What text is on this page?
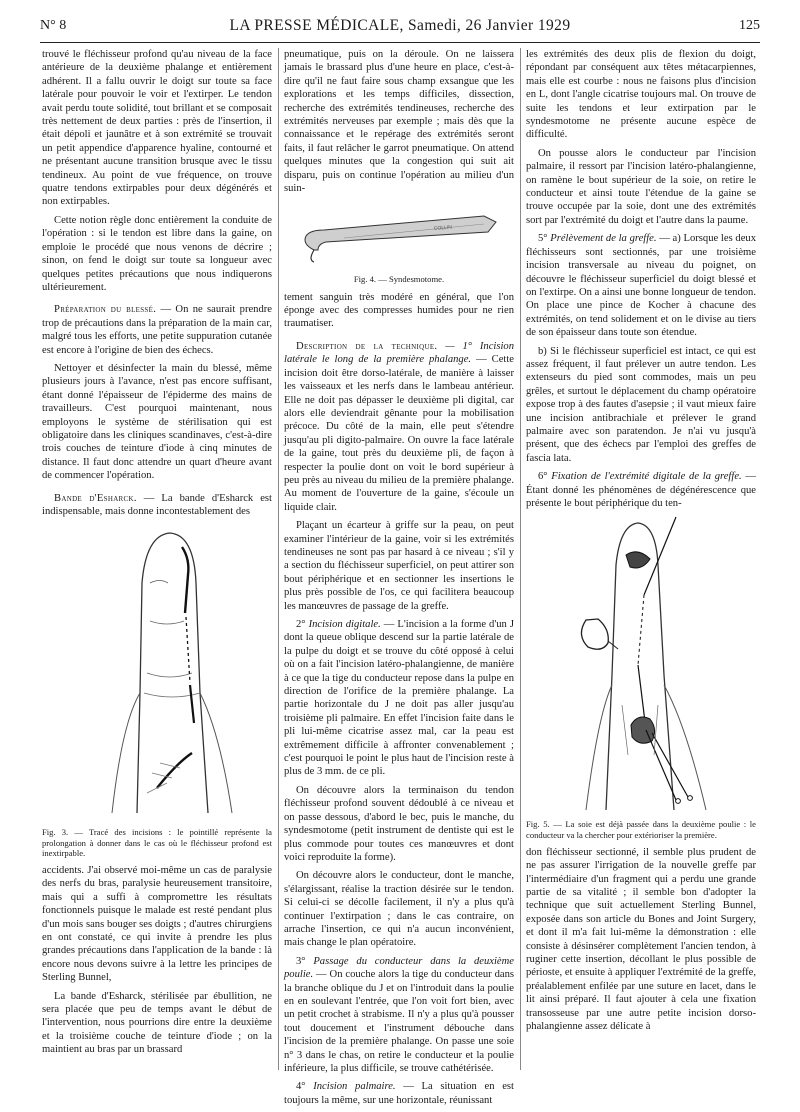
N° 8	LA PRESSE MÉDICALE, Samedi, 26 Janvier 1929	125

trouvé le fléchisseur profond qu'au niveau de la face antérieure de la deuxième phalange et entièrement adhérent. Il a fallu ouvrir le doigt sur toute sa face latérale pour pouvoir le voir et l'extirper. Le tendon avait perdu toute solidité, tout brillant et se composait très nettement de deux parties : près de l'insertion, il était dépoli et jaunâtre et à son extrémité se trouvait un petit appendice d'apparence hyaline, contourné et ne présentant aucune transition brusque avec le tissu tendineux. Au point de vue fréquence, on trouve quatre tendons extirpables pour deux dégénérés et non extirpables.

Cette notion règle donc entièrement la conduite de l'opération : si le tendon est libre dans la gaine, on emploie le procédé que nous venons de décrire ; sinon, on fend le doigt sur toute sa longueur avec quelques petites précautions que nous indiquerons ultérieurement.

Préparation du blessé. — On ne saurait prendre trop de précautions dans la préparation de la main car, malgré tous les efforts, une petite suppuration cutanée est encore à l'origine de bien des échecs.

Nettoyer et désinfecter la main du blessé, même plusieurs jours à l'avance, n'est pas encore suffisant, étant donné l'épaisseur de l'épiderme des mains de travailleurs. C'est pourquoi maintenant, nous employons le système de stérilisation qui est obligatoire dans les cliniques scandinaves, c'est-à-dire trois couches de teinture d'iode à cinq minutes de distance. Il faut donc attendre un quart d'heure avant de commencer l'opération.

Bande d'Esharck. — La bande d'Esharck est indispensable, mais donne incontestablement des

Fig. 3. — Tracé des incisions : le pointillé représente la prolongation à donner dans le cas où le fléchisseur profond est inextirpable.

accidents. J'ai observé moi-même un cas de paralysie des nerfs du bras, paralysie heureusement transitoire, mais qui a suffi à compromettre les résultats fonctionnels puisque le malade est resté pendant plus d'un mois sans bouger ses doigts ; d'autres chirurgiens en ont constaté, ce qui invite à prendre les plus grandes précautions dans l'application de la bande : là encore nous devons suivre à la lettre les principes de Sterling Bunnel,

La bande d'Esharck, stérilisée par ébullition, ne sera placée que peu de temps avant le début de l'intervention, nous pourrions dire entre la deuxième et la troisième couche de teinture d'iode ; on la maintient au bras par un brassard

pneumatique, puis on la déroule. On ne laissera jamais le brassard plus d'une heure en place, c'est-à-dire qu'il ne faut faire sous champ exsangue que les explorations et les temps difficiles, dissection, recherche des extrémités tendineuses, recherche des extrémités nerveuses par exemple ; mais dès que la connaissance et le repérage des extrémités seront faits, il faut relâcher le garrot pneumatique. On attend quelques minutes que la congestion qui suit ait disparu, puis on continue l'opération au milieu d'un suin-

COLLIN
Fig. 4. — Syndesmotome.

tement sanguin très modéré en général, que l'on éponge avec des compresses humides pour ne rien traumatiser.

Description de la technique. — 1° Incision latérale le long de la première phalange. — Cette incision doit être dorso-latérale, de manière à laisser les vaisseaux et les nerfs dans le lambeau antérieur. Elle ne doit pas dépasser le deuxième pli digital, car alors elle deviendrait gênante pour la mobilisation précoce. Du côté de la main, elle peut s'étendre jusqu'au pli digito-palmaire. On ouvre la face latérale de la gaine, tout près du deuxième pli, de façon à respecter la poulie dont on voit le bord supérieur à peu près au niveau du milieu de la première phalange. Au moment de l'ouverture de la gaine, s'écoule un liquide clair.

Plaçant un écarteur à griffe sur la peau, on peut examiner l'intérieur de la gaine, voir si les extrémités tendineuses ne sont pas par hasard à ce niveau ; s'il y a section du fléchisseur superficiel, on peut attirer son bout périphérique et en sectionner les insertions le plus près possible de l'os, ce qui facilitera beaucoup les manœuvres de passage de la greffe.

2° Incision digitale. — L'incision a la forme d'un J dont la queue oblique descend sur la partie latérale de la pulpe du doigt et se trouve du côté opposé à celui où on a fait l'incision latéro-phalangienne, de manière à ce que la tige du conducteur repose dans la pulpe en direction de l'orifice de la première phalange. La partie horizontale du J ne doit pas aller jusqu'au troisième pli palmaire. En effet l'incision faite dans le pli lui-même cicatrise assez mal, car la peau est extrêmement difficile à affronter convenablement ; c'est pourquoi le point le plus haut de l'incision reste à plus de 3 mm. de ce pli.

On découvre alors la terminaison du tendon fléchisseur profond souvent dédoublé à ce niveau et on passe dessous, d'abord le bec, puis le manche, du syndesmotome (petit instrument de dentiste qui est le plus commode pour toutes ces manœuvres et dont voici reproduite la forme).

On découvre alors le conducteur, dont le manche, s'élargissant, réalise la traction désirée sur le tendon. Si celui-ci se décolle facilement, il n'y a plus qu'à continuer l'extirpation ; dans le cas contraire, on arrache l'insertion, ce qui n'a aucun inconvénient, mais change le plan opératoire.

3° Passage du conducteur dans la deuxième poulie. — On couche alors la tige du conducteur dans la branche oblique du J et on l'introduit dans la poulie en en soulevant l'entrée, que l'on voit fort bien, avec un petit crochet à strabisme. Il n'y a plus qu'à pousser tout doucement et l'instrument débouche dans l'incision de la première phalange. On passe une soie n° 3 dans le chas, on retire le conducteur et la poulie inférieure, la plus difficile, se trouve cathétérisée.

4° Incision palmaire. — La situation en est toujours la même, sur une horizontale, réunissant

les extrémités des deux plis de flexion du doigt, répondant par conséquent aux têtes métacarpiennes, mais elle est courbe : nous ne faisons plus d'incision en L, dont l'angle cicatrise toujours mal. On trouve de suite les tendons et leur extirpation par le syndesmotome ne présente aucune espèce de difficulté.

On pousse alors le conducteur par l'incision palmaire, il ressort par l'incision latéro-phalangienne, on ramène le bout supérieur de la soie, on retire le conducteur et ainsi toute l'étendue de la gaine se trouve occupée par la soie, dont une des extrémités sort par l'extrémité du doigt et l'autre dans la paume.

5° Prélèvement de la greffe. — a) Lorsque les deux fléchisseurs sont sectionnés, par une troisième incision transversale au niveau du poignet, on découvre le fléchisseur superficiel du doigt blessé et on l'extirpe. On a ainsi une bonne longueur de tendon. On place une pince de Kocher à chacune des extrémités, on tend solidement et on le divise au tiers de son épaisseur dans toute son étendue.

b) Si le fléchisseur superficiel est intact, ce qui est assez fréquent, il faut prélever un autre tendon. Les extenseurs du pied sont commodes, mais un peu grêles, et surtout le déplacement du champ opératoire expose trop à des fautes d'asepsie ; il vaut mieux faire une incision antibrachiale et prélever le grand palmaire avec son paratendon. Je n'ai vu jusqu'à présent, que des échecs par l'emploi des greffes de fascia lata.

6° Fixation de l'extrémité digitale de la greffe. — Étant donné les phénomènes de dégénérescence que présente le bout périphérique du ten-

Fig. 5. — La soie est déjà passée dans la deuxième poulie : le conducteur va la chercher pour extérioriser la première.

don fléchisseur sectionné, il semble plus prudent de ne pas assurer l'irrigation de la nouvelle greffe par l'intermédiaire d'un fragment qui a perdu une grande partie de sa vitalité ; il semble bon d'adopter la technique que suit actuellement Sterling Bunnel, exposée dans son article du Bones and Joint Surgery, et dont il m'a fait lui-même la démonstration : elle consiste à désinsérer complètement l'ancien tendon, à ruginer cette insertion, décollant le plus possible de périoste, et ensuite à appliquer l'extrémité de la greffe, préalablement enfilée par une suture en lacet, dans le lit ainsi préparé. Il faut ajouter à cela une fixation transosseuse par une autre petite incision dorso-phalangienne assez délicate à
